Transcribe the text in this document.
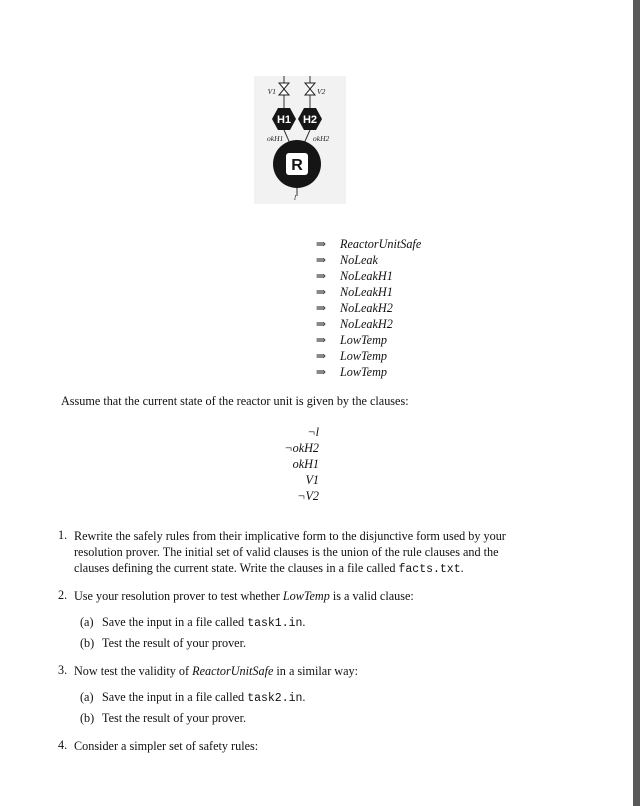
V1	V2
H1 H2
okH1	okH2
R
l
⇒ ReactorUnitSafe
⇒ NoLeak
⇒ NoLeakH1
⇒ NoLeakH1
⇒ NoLeakH2
⇒ NoLeakH2
⇒ LowTemp
⇒ LowTemp
⇒ LowTemp
Assume that the current state of the reactor unit is given by the clauses:
¬l
¬okH2
okH1
V1
¬V2
1. Rewrite the safely rules from their implicative form to the disjunctive form used by your
resolution prover. The initial set of valid clauses is the union of the rule clauses and the
clauses defining the current state. Write the clauses in a file called facts.txt.
2. Use your resolution prover to test whether LowTemp is a valid clause:
(a) Save the input in a file called task1.in.
(b) Test the result of your prover.
3. Now test the validity of ReactorUnitSafe in a similar way:
(a) Save the input in a file called task2.in.
(b) Test the result of your prover.
4. Consider a simpler set of safety rules:
